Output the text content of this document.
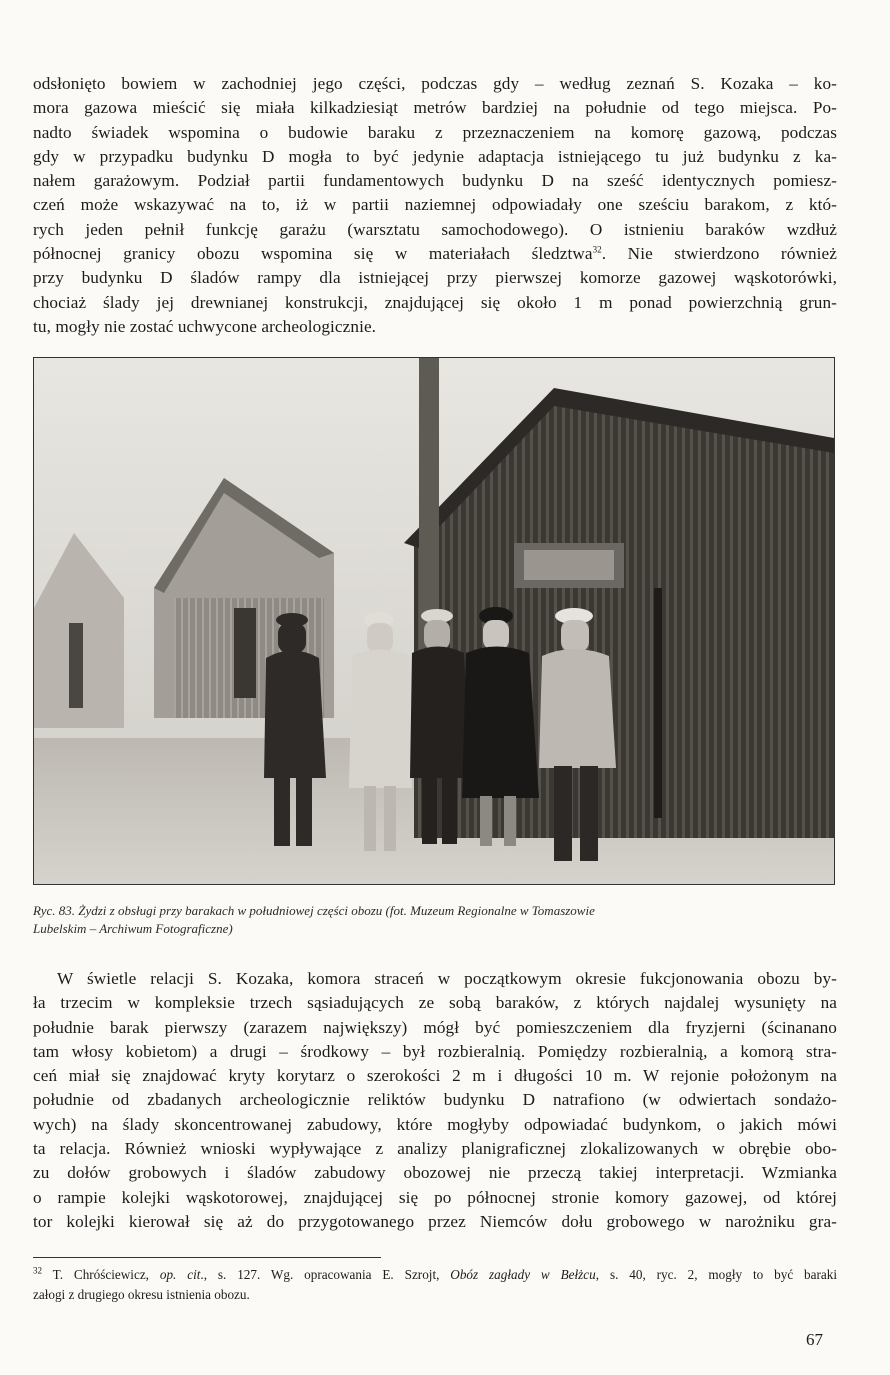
odsłonięto bowiem w zachodniej jego części, podczas gdy – według zeznań S. Kozaka – ko-
mora gazowa mieścić się miała kilkadziesiąt metrów bardziej na południe od tego miejsca. Po-
nadto świadek wspomina o budowie baraku z przeznaczeniem na komorę gazową, podczas
gdy w przypadku budynku D mogła to być jedynie adaptacja istniejącego tu już budynku z ka-
nałem garażowym. Podział partii fundamentowych budynku D na sześć identycznych pomiesz-
czeń może wskazywać na to, iż w partii naziemnej odpowiadały one sześciu barakom, z któ-
rych jeden pełnił funkcję garażu (warsztatu samochodowego). O istnieniu baraków wzdłuż
północnej granicy obozu wspomina się w materiałach śledztwa$^{32}$. Nie stwierdzono również
przy budynku D śladów rampy dla istniejącej przy pierwszej komorze gazowej wąskotorówki,
chociaż ślady jej drewnianej konstrukcji, znajdującej się około 1 m ponad powierzchnią grun-
tu, mogły nie zostać uchwycone archeologicznie.

Ryc. 83. Żydzi z obsługi przy barakach w południowej części obozu (fot. Muzeum Regionalne w Tomaszowie
Lubelskim – Archiwum Fotograficzne)

W świetle relacji S. Kozaka, komora straceń w początkowym okresie fukcjonowania obozu by-
ła trzecim w kompleksie trzech sąsiadujących ze sobą baraków, z których najdalej wysunięty na
południe barak pierwszy (zarazem największy) mógł być pomieszczeniem dla fryzjerni (ścinanano
tam włosy kobietom) a drugi – środkowy – był rozbieralnią. Pomiędzy rozbieralnią, a komorą stra-
ceń miał się znajdować kryty korytarz o szerokości 2 m i długości 10 m. W rejonie położonym na
południe od zbadanych archeologicznie reliktów budynku D natrafiono (w odwiertach sondażo-
wych) na ślady skoncentrowanej zabudowy, które mogłyby odpowiadać budynkom, o jakich mówi
ta relacja. Również wnioski wypływające z analizy planigraficznej zlokalizowanych w obrębie obo-
zu dołów grobowych i śladów zabudowy obozowej nie przeczą takiej interpretacji. Wzmianka
o rampie kolejki wąskotorowej, znajdującej się po północnej stronie komory gazowej, od której
tor kolejki kierował się aż do przygotowanego przez Niemców dołu grobowego w narożniku gra-

$^{32}$ T. Chróściewicz, op. cit., s. 127. Wg. opracowania E. Szrojt, Obóz zagłady w Bełżcu, s. 40, ryc. 2, mogły to być baraki
załogi z drugiego okresu istnienia obozu.

67
